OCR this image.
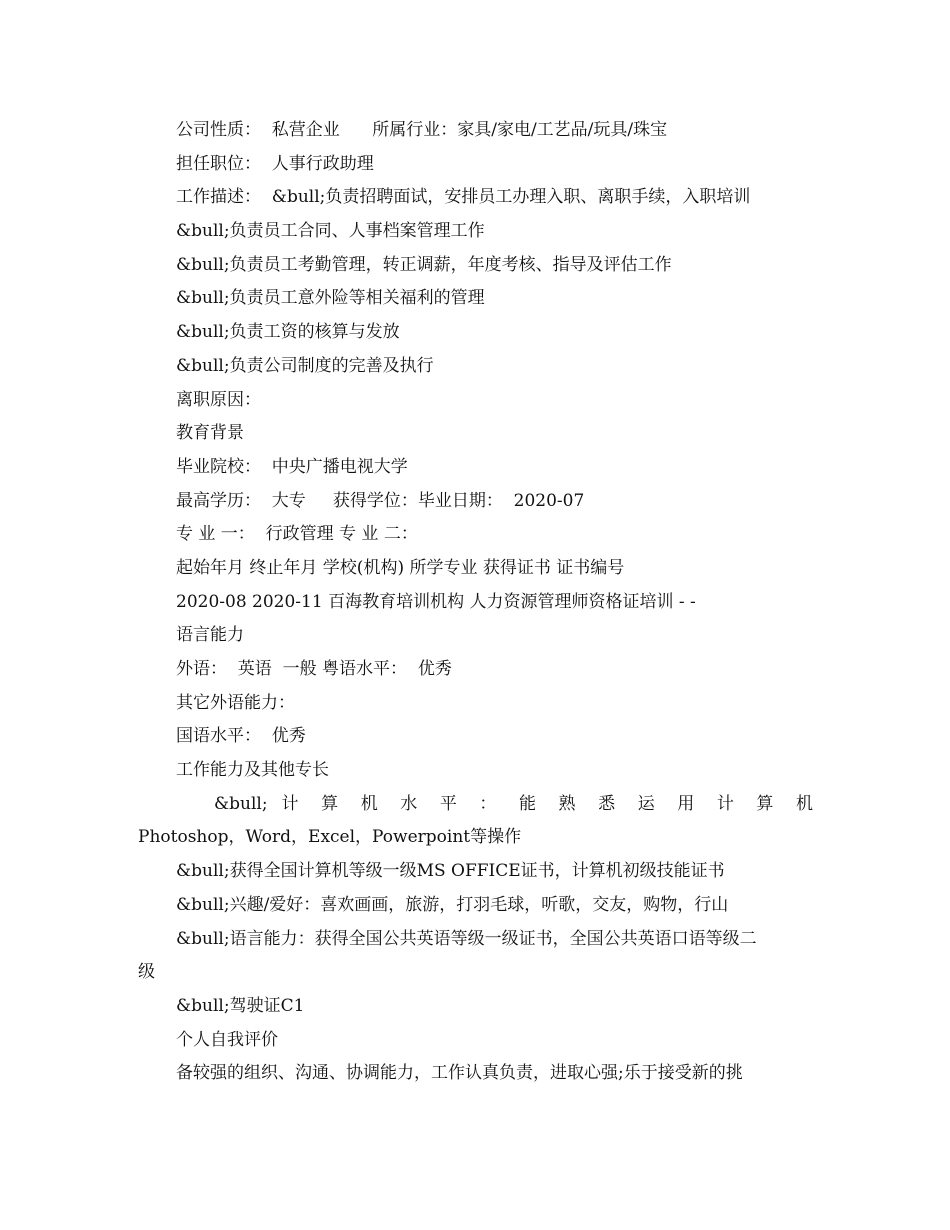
公司性质：  私营企业      所属行业：家具/家电/工艺品/玩具/珠宝
担任职位：  人事行政助理
工作描述：  &bull;负责招聘面试，安排员工办理入职、离职手续，入职培训
&bull;负责员工合同、人事档案管理工作
&bull;负责员工考勤管理，转正调薪，年度考核、指导及评估工作
&bull;负责员工意外险等相关福利的管理
&bull;负责工资的核算与发放
&bull;负责公司制度的完善及执行
离职原因：
教育背景
毕业院校：  中央广播电视大学
最高学历：  大专     获得学位：毕业日期：  2020-07
专 业 一：  行政管理 专 业 二：
起始年月 终止年月 学校(机构) 所学专业 获得证书 证书编号
2020-08 2020-11 百海教育培训机构 人力资源管理师资格证培训 - -
语言能力
外语：  英语  一般 粤语水平：  优秀
其它外语能力：
国语水平：  优秀
工作能力及其他专长
&bull; 计 算 机 水 平 ： 能 熟 悉 运 用 计 算 机
Photoshop，Word，Excel，Powerpoint等操作
&bull;获得全国计算机等级一级MS OFFICE证书，计算机初级技能证书
&bull;兴趣/爱好：喜欢画画，旅游，打羽毛球，听歌，交友，购物，行山
&bull;语言能力：获得全国公共英语等级一级证书，全国公共英语口语等级二
级
&bull;驾驶证C1
个人自我评价
备较强的组织、沟通、协调能力，工作认真负责，进取心强;乐于接受新的挑
